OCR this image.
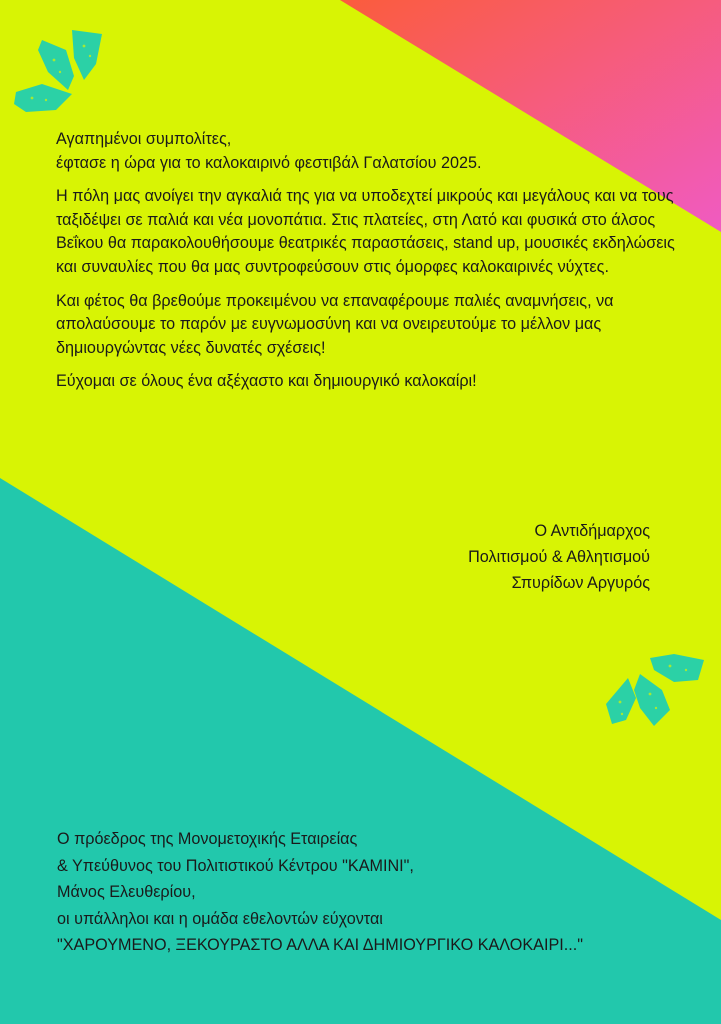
Αγαπημένοι συμπολίτες,
έφτασε η ώρα για το καλοκαιρινό φεστιβάλ Γαλατσίου 2025.

Η πόλη μας ανοίγει την αγκαλιά της για να υποδεχτεί μικρούς και μεγάλους και να τους ταξιδέψει σε παλιά και νέα μονοπάτια. Στις πλατείες, στη Λατό και φυσικά στο άλσος Βεΐκου θα παρακολουθήσουμε θεατρικές παραστάσεις, stand up, μουσικές εκδηλώσεις και συναυλίες που θα μας συντροφεύσουν στις όμορφες καλοκαιρινές νύχτες.

Και φέτος θα βρεθούμε προκειμένου να επαναφέρουμε παλιές αναμνήσεις, να απολαύσουμε το παρόν με ευγνωμοσύνη και να ονειρευτούμε το μέλλον μας δημιουργώντας νέες δυνατές σχέσεις!

Εύχομαι σε όλους ένα αξέχαστο και δημιουργικό καλοκαίρι!

Ο Αντιδήμαρχος
Πολιτισμού & Αθλητισμού
Σπυρίδων Αργυρός
Ο πρόεδρος της Μονομετοχικής Εταιρείας
& Υπεύθυνος του Πολιτιστικού Κέντρου "ΚΑΜΙΝΙ",
Μάνος Ελευθερίου,
οι υπάλληλοι και η ομάδα εθελοντών εύχονται
"ΧΑΡΟΥΜΕΝΟ, ΞΕΚΟΥΡΑΣΤΟ ΑΛΛΑ ΚΑΙ ΔΗΜΙΟΥΡΓΙΚΟ ΚΑΛΟΚΑΙΡΙ..."
